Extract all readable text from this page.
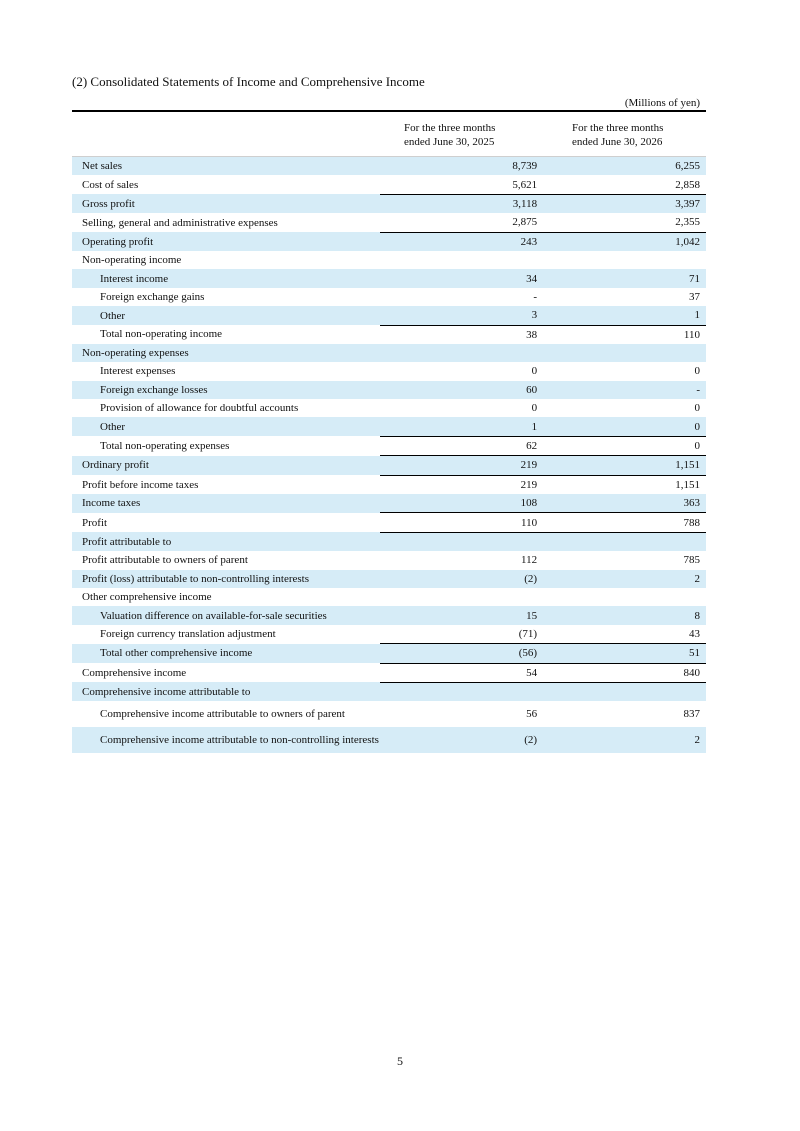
(2) Consolidated Statements of Income and Comprehensive Income
(Millions of yen)
For the three months
ended June 30, 2025
For the three months
ended June 30, 2026
Net sales	8,739	6,255
Cost of sales	5,621	2,858
Gross profit	3,118	3,397
Selling, general and administrative expenses	2,875	2,355
Operating profit	243	1,042
Non-operating income		
Interest income	34	71
Foreign exchange gains	-	37
Other	3	1
Total non-operating income	38	110
Non-operating expenses		
Interest expenses	0	0
Foreign exchange losses	60	-
Provision of allowance for doubtful accounts	0	0
Other	1	0
Total non-operating expenses	62	0
Ordinary profit	219	1,151
Profit before income taxes	219	1,151
Income taxes	108	363
Profit	110	788
Profit attributable to		
Profit attributable to owners of parent	112	785
Profit (loss) attributable to non-controlling interests	(2)	2
Other comprehensive income		
Valuation difference on available-for-sale securities	15	8
Foreign currency translation adjustment	(71)	43
Total other comprehensive income	(56)	51
Comprehensive income	54	840
Comprehensive income attributable to		
Comprehensive income attributable to owners of parent	56	837
Comprehensive income attributable to non-controlling interests	(2)	2
5
